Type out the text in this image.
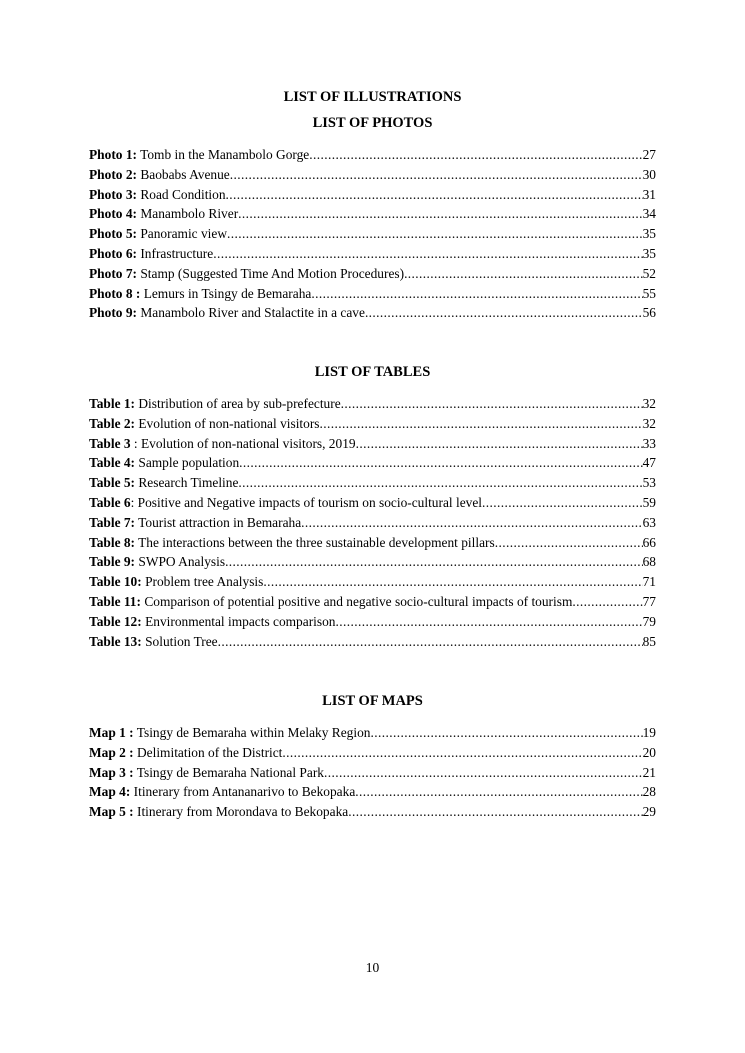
LIST OF ILLUSTRATIONS
LIST OF PHOTOS
Photo 1: Tomb in the Manambolo Gorge .....	27
Photo 2: Baobabs Avenue .....	30
Photo 3: Road Condition .....	31
Photo 4: Manambolo River .....	34
Photo 5: Panoramic view .....	35
Photo 6: Infrastructure .....	35
Photo 7: Stamp (Suggested Time And Motion Procedures) .....	52
Photo 8 : Lemurs in Tsingy de Bemaraha .....	55
Photo 9: Manambolo River and Stalactite in a cave .....	56
LIST OF TABLES
Table 1: Distribution of area by sub-prefecture .....	32
Table 2: Evolution of non-national visitors .....	32
Table 3 : Evolution of non-national visitors, 2019 .....	33
Table 4: Sample population .....	47
Table 5: Research Timeline .....	53
Table 6 : Positive and Negative impacts of tourism on socio-cultural level .....	59
Table 7: Tourist attraction in Bemaraha .....	63
Table 8: The interactions between the three sustainable development pillars .....	66
Table 9: SWPO Analysis .....	68
Table 10: Problem tree Analysis .....	71
Table 11: Comparison of potential positive and negative socio-cultural impacts of tourism .....	77
Table 12: Environmental impacts comparison .....	79
Table 13: Solution Tree .....	85
LIST OF MAPS
Map 1 : Tsingy de Bemaraha within Melaky Region .....	19
Map 2 : Delimitation of the District .....	20
Map 3 : Tsingy de Bemaraha National Park .....	21
Map 4: Itinerary from Antananarivo to Bekopaka .....	28
Map 5 : Itinerary from Morondava to Bekopaka .....	29
10
